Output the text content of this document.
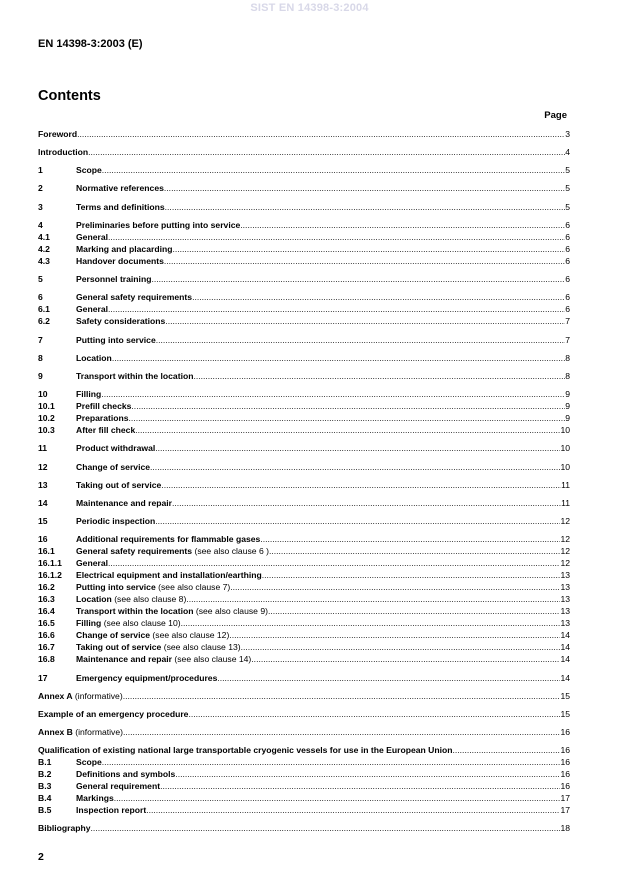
SIST EN 14398-3:2004
EN 14398-3:2003 (E)
Contents
Page
Foreword .....	3
Introduction .....	4
1	Scope .....	5
2	Normative references .....	5
3	Terms and definitions .....	5
4	Preliminaries before putting into service .....	6
4.1	General .....	6
4.2	Marking and placarding .....	6
4.3	Handover documents .....	6
5	Personnel training .....	6
6	General safety requirements .....	6
6.1	General .....	6
6.2	Safety considerations .....	7
7	Putting into service .....	7
8	Location .....	8
9	Transport within the location .....	8
10	Filling .....	9
10.1 Prefill checks .....	9
10.2 Preparations .....	9
10.3 After fill check .....	10
11	Product withdrawal .....	10
12	Change of service .....	10
13	Taking out of service .....	11
14	Maintenance and repair .....	11
15	Periodic inspection .....	12
16	Additional requirements for flammable gases .....	12
16.1 General safety requirements (see also clause 6 ) .....	12
16.1.1 General .....	12
16.1.2 Electrical equipment and installation/earthing .....	13
16.2 Putting into service (see also clause 7) .....	13
16.3 Location (see also clause 8) .....	13
16.4 Transport within the location (see also clause 9) .....	13
16.5 Filling (see also clause 10) .....	13
16.6 Change of service (see also clause 12) .....	14
16.7 Taking out of service (see also clause 13) .....	14
16.8 Maintenance and repair (see also clause 14) .....	14
17	Emergency equipment/procedures .....	14
Annex A (informative) .....	15
Example of an emergency procedure .....	15
Annex B (informative) .....	16
Qualification of existing national large transportable cryogenic vessels for use in the European Union .....	16
B.1	Scope .....	16
B.2	Definitions and symbols .....	16
B.3	General requirement .....	16
B.4	Markings .....	17
B.5	Inspection report .....	17
Bibliography .....	18
2
